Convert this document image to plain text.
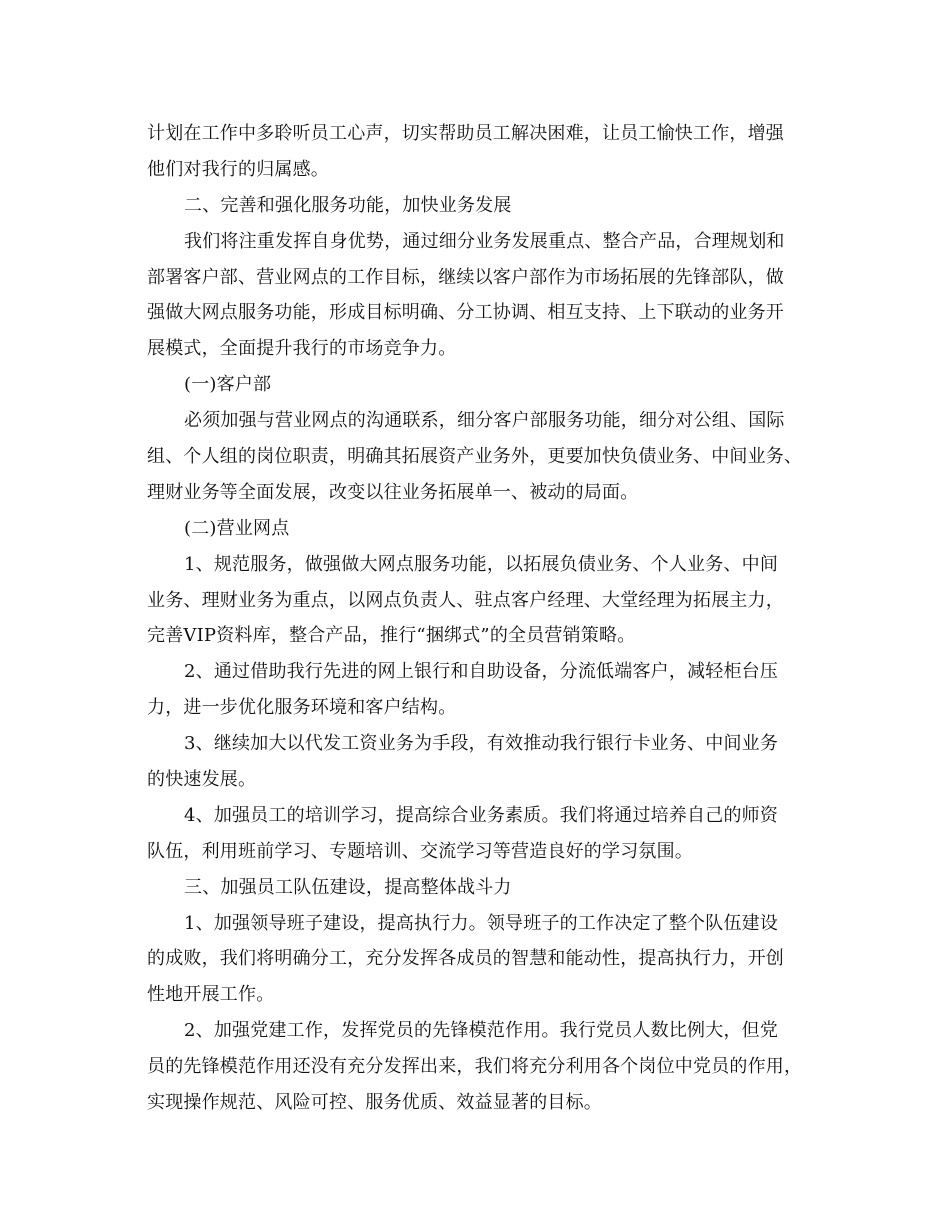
计划在工作中多聆听员工心声，切实帮助员工解决困难，让员工愉快工作，增强
他们对我行的归属感。
二、完善和强化服务功能，加快业务发展
我们将注重发挥自身优势，通过细分业务发展重点、整合产品，合理规划和
部署客户部、营业网点的工作目标，继续以客户部作为市场拓展的先锋部队，做
强做大网点服务功能，形成目标明确、分工协调、相互支持、上下联动的业务开
展模式，全面提升我行的市场竞争力。
(一)客户部
必须加强与营业网点的沟通联系，细分客户部服务功能，细分对公组、国际
组、个人组的岗位职责，明确其拓展资产业务外，更要加快负债业务、中间业务、
理财业务等全面发展，改变以往业务拓展单一、被动的局面。
(二)营业网点
1、规范服务，做强做大网点服务功能，以拓展负债业务、个人业务、中间
业务、理财业务为重点，以网点负责人、驻点客户经理、大堂经理为拓展主力，
完善VIP资料库，整合产品，推行“捆绑式”的全员营销策略。
2、通过借助我行先进的网上银行和自助设备，分流低端客户，减轻柜台压
力，进一步优化服务环境和客户结构。
3、继续加大以代发工资业务为手段，有效推动我行银行卡业务、中间业务
的快速发展。
4、加强员工的培训学习，提高综合业务素质。我们将通过培养自己的师资
队伍，利用班前学习、专题培训、交流学习等营造良好的学习氛围。
三、加强员工队伍建设，提高整体战斗力
1、加强领导班子建设，提高执行力。领导班子的工作决定了整个队伍建设
的成败，我们将明确分工，充分发挥各成员的智慧和能动性，提高执行力，开创
性地开展工作。
2、加强党建工作，发挥党员的先锋模范作用。我行党员人数比例大，但党
员的先锋模范作用还没有充分发挥出来，我们将充分利用各个岗位中党员的作用，
实现操作规范、风险可控、服务优质、效益显著的目标。
